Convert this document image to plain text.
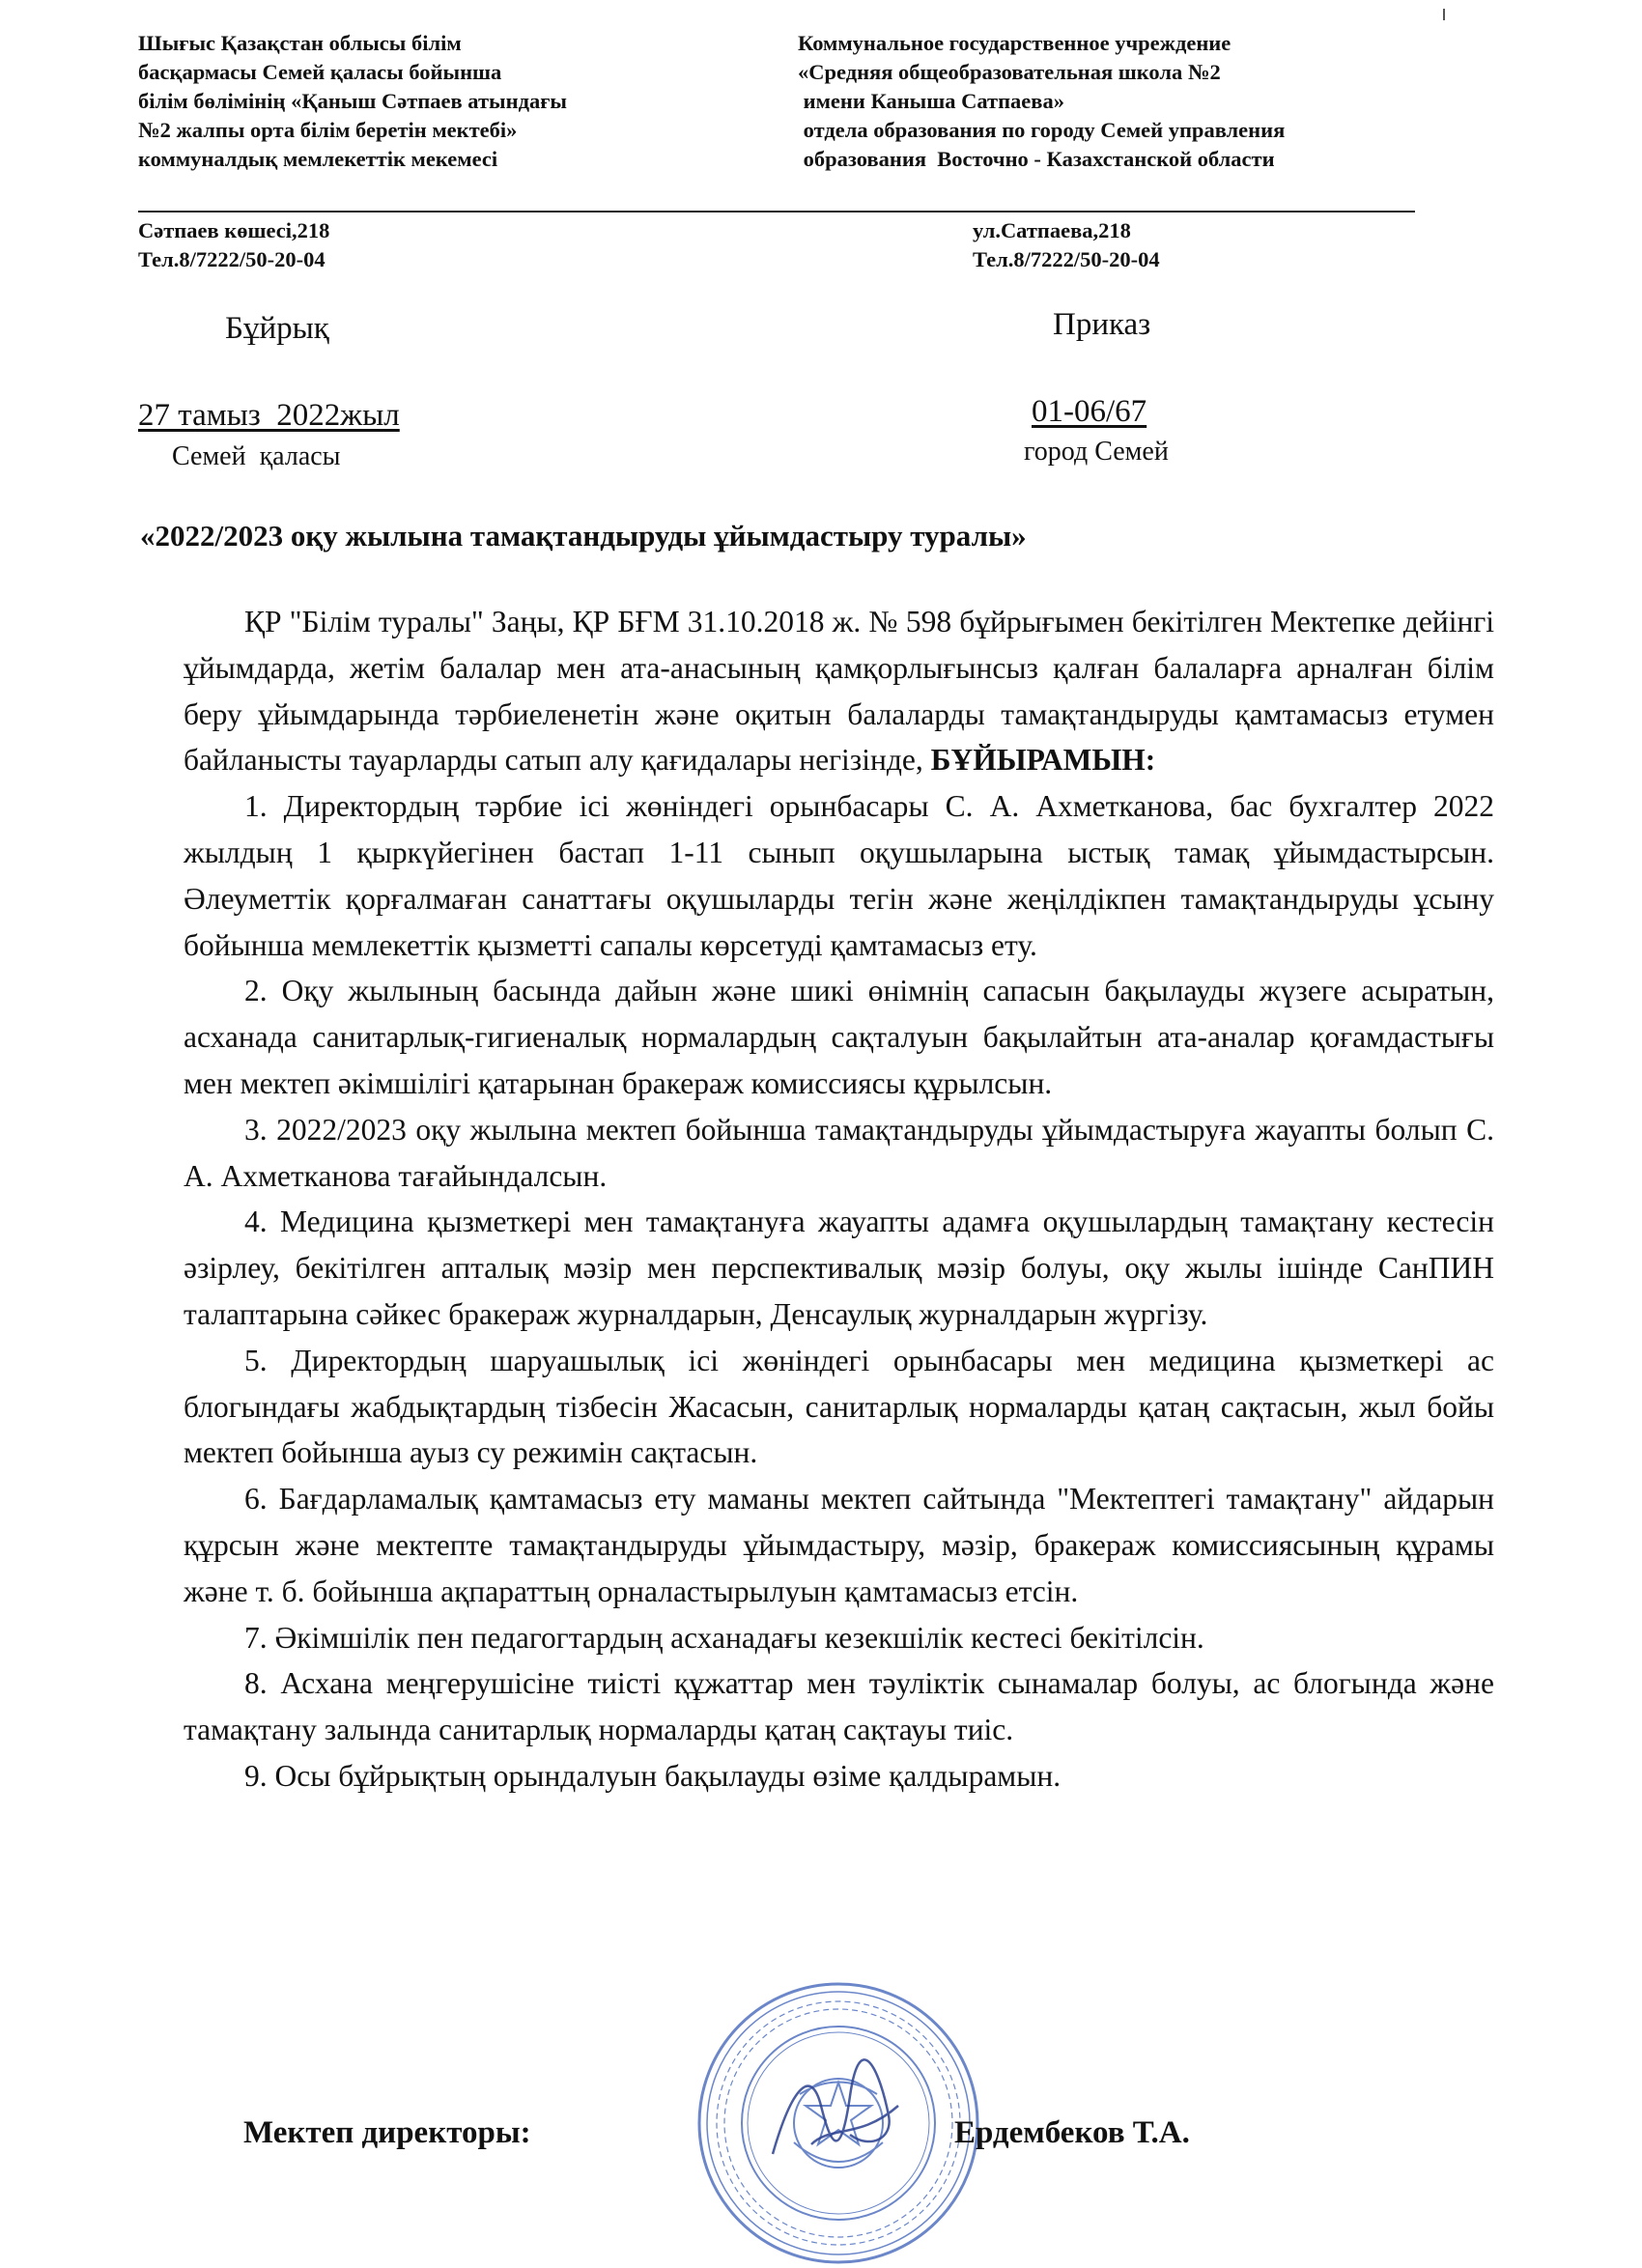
Шығыс Қазақстан облысы білім
басқармасы Семей қаласы бойынша
білім бөлімінің «Қаныш Сәтпаев атындағы
№2 жалпы орта білім беретін мектебі»
коммуналдық мемлекеттік мекемесі
Коммунальное государственное учреждение
«Средняя общеобразовательная школа №2
имени Каныша Сатпаева»
отдела образования по городу Семей управления
образования  Восточно - Казахстанской области
Сәтпаев көшесі,218
Тел.8/7222/50-20-04
ул.Сатпаева,218
Тел.8/7222/50-20-04
Бұйрық	Приказ
27 тамыз  2022жыл	01-06/67
Семей  қаласы	город Семей
«2022/2023 оқу жылына тамақтандыруды ұйымдастыру туралы»

ҚР "Білім туралы" Заңы, ҚР БҒМ 31.10.2018 ж. № 598 бұйрығымен бекітілген Мектепке дейінгі ұйымдарда, жетім балалар мен ата-анасының қамқорлығынсыз қалған балаларға арналған білім беру ұйымдарында тәрбиеленетін және оқитын балаларды тамақтандыруды қамтамасыз етумен байланысты тауарларды сатып алу қағидалары негізінде, БҰЙЫРАМЫН:

1. Директордың тәрбие ісі жөніндегі орынбасары С. А. Ахметканова, бас бухгалтер 2022 жылдың 1 қыркүйегінен бастап 1-11 сынып оқушыларына ыстық тамақ ұйымдастырсын. Әлеуметтік қорғалмаған санаттағы оқушыларды тегін және жеңілдікпен тамақтандыруды ұсыну бойынша мемлекеттік қызметті сапалы көрсетуді қамтамасыз ету.

2. Оқу жылының басында дайын және шикі өнімнің сапасын бақылауды жүзеге асыратын, асханада санитарлық-гигиеналық нормалардың сақталуын бақылайтын ата-аналар қоғамдастығы мен мектеп әкімшілігі қатарынан бракераж комиссиясы құрылсын.

3. 2022/2023 оқу жылына мектеп бойынша тамақтандыруды ұйымдастыруға жауапты болып С. А. Ахметканова тағайындалсын.

4. Медицина қызметкері мен тамақтануға жауапты адамға оқушылардың тамақтану кестесін әзірлеу, бекітілген апталық мәзір мен перспективалық мәзір болуы, оқу жылы ішінде СанПИН талаптарына сәйкес бракераж журналдарын, Денсаулық журналдарын жүргізу.

5. Директордың шаруашылық ісі жөніндегі орынбасары мен медицина қызметкері ас блогындағы жабдықтардың тізбесін Жасасын, санитарлық нормаларды қатаң сақтасын, жыл бойы мектеп бойынша ауыз су режимін сақтасын.

6. Бағдарламалық қамтамасыз ету маманы мектеп сайтында "Мектептегі тамақтану" айдарын құрсын және мектепте тамақтандыруды ұйымдастыру, мәзір, бракераж комиссиясының құрамы және т. б. бойынша ақпараттың орналастырылуын қамтамасыз етсін.

7. Әкімшілік пен педагогтардың асханадағы кезекшілік кестесі бекітілсін.

8. Асхана меңгерушісіне тиісті құжаттар мен тәуліктік сынамалар болуы, ас блогында және тамақтану залында санитарлық нормаларды қатаң сақтауы тиіс.

9. Осы бұйрықтың орындалуын бақылауды өзіме қалдырамын.

Мектеп директоры:	Ердембеков Т.А.
